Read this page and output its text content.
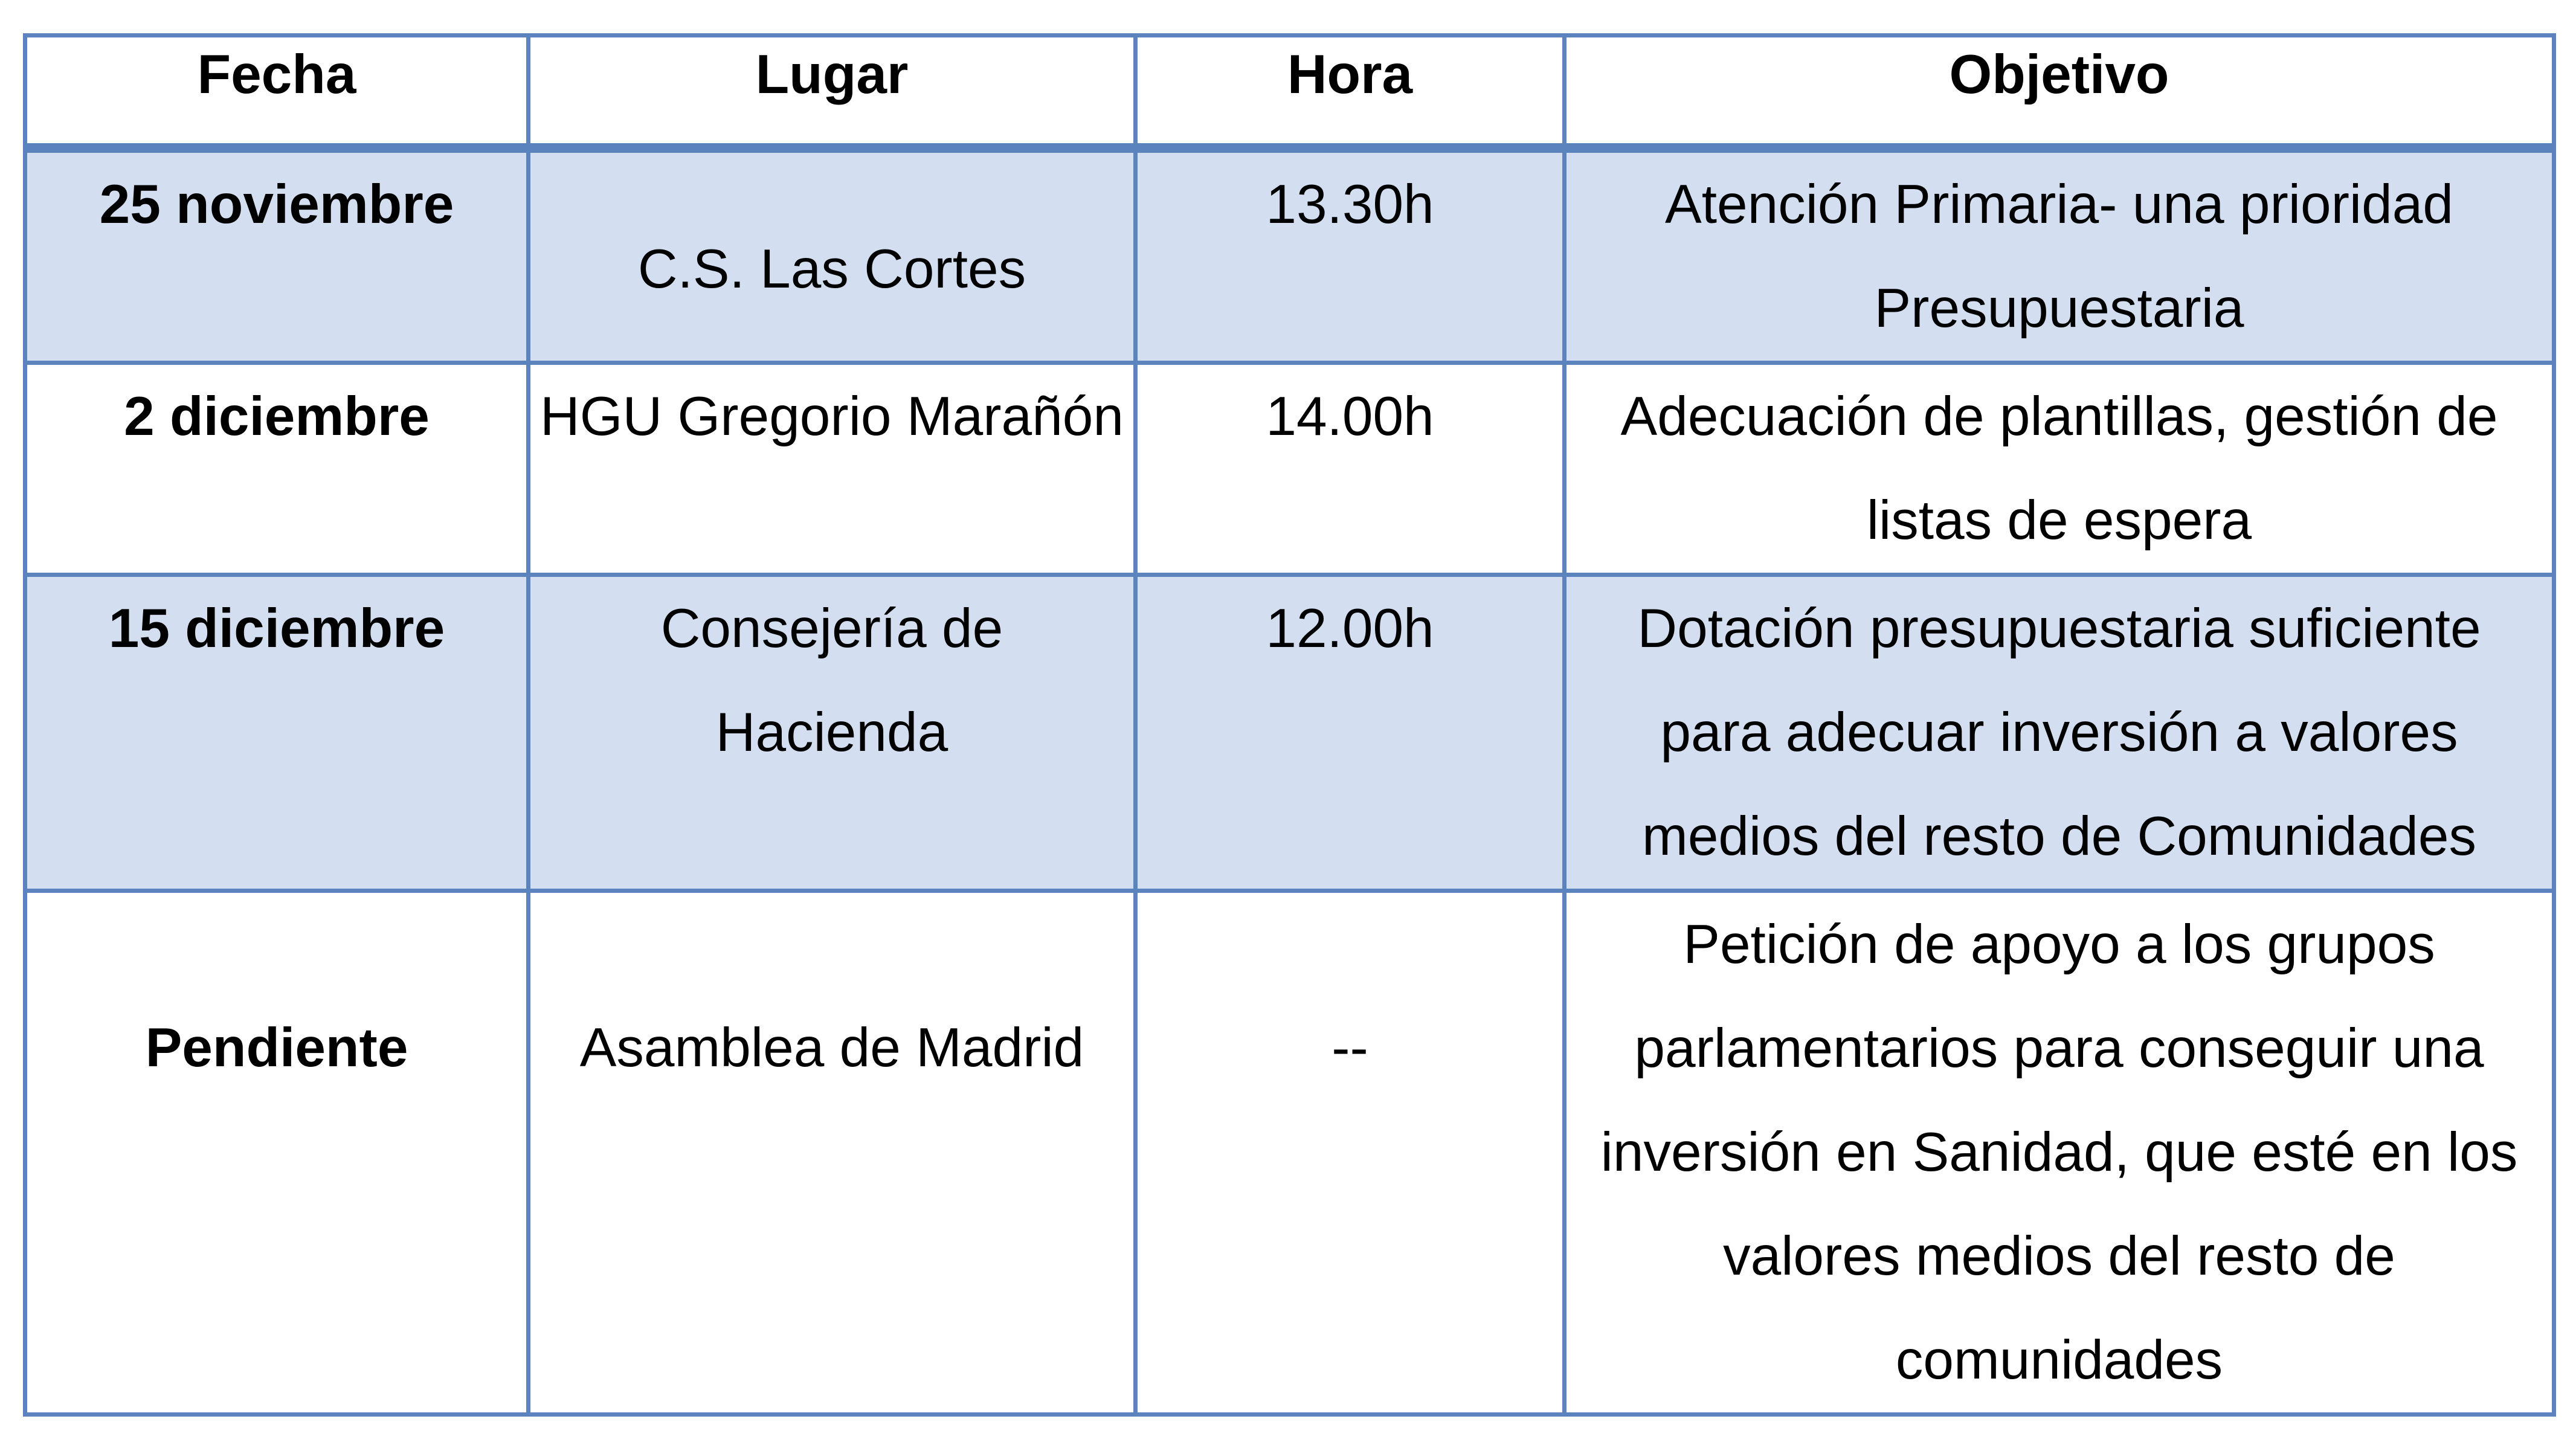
Fecha	Lugar	Hora	Objetivo

25 noviembre	C.S. Las Cortes	13.30h	Atención Primaria- una prioridad Presupuestaria

2 diciembre	HGU Gregorio Marañón	14.00h	Adecuación de plantillas, gestión de listas de espera

15 diciembre	Consejería de Hacienda	12.00h	Dotación presupuestaria suficiente para adecuar inversión a valores medios del resto de Comunidades

Pendiente	Asamblea de Madrid	--	Petición de apoyo a los grupos parlamentarios para conseguir una inversión en Sanidad, que esté en los valores medios del resto de comunidades
